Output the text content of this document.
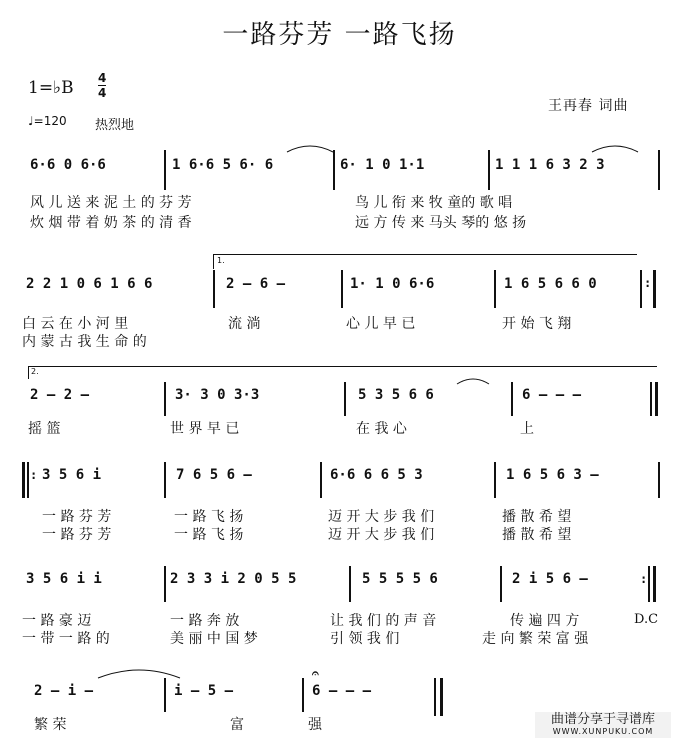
一路芬芳 一路飞扬
1=♭B 4
4
♩=120 热烈地
王再春 词曲
6·6 0 6·6	1 6·6 5 6· 6	6· 1 0 1·1	1 1 1 6 3 2 3
风 儿 送 来 泥 土 的 芬 芳	鸟 儿 衔 来 牧 童的 歌 唱
炊 烟 带 着 奶 茶 的 清 香	远 方 传 来 马头 琴的 悠 扬
1.
:
2 2 1 0 6 1 6 6	2 – 6 –	1· 1 0 6·6	1 6 5 6 6 0
白 云 在 小 河 里	流 淌	心 儿 早 已	开 始 飞 翔
内 蒙 古 我 生 命 的
2.
2 – 2 –	3· 3 0 3·3	5 3 5 6 6	6 – – –
摇 篮	世 界 早 已	在 我 心	上
: 3 5 6 i	7 6 5 6 –	6·6 6 6 5 3	1 6 5 6 3 –
一 路 芬 芳	一 路 飞 扬	迈 开 大 步 我 们	播 散 希 望
一 路 芬 芳	一 路 飞 扬	迈 开 大 步 我 们	播 散 希 望
:
3 5 6 i i	2 3 3 i 2 0 5 5	5 5 5 5 6	2 i 5 6 –
一 路 豪 迈	一 路 奔 放	让 我 们 的 声 音	传 遍 四 方	D.C
一 带 一 路 的	美 丽 中 国 梦	引 领 我 们	走 向 繁 荣 富 强
𝄐
2 – i –	i – 5 –	6 – – –
繁 荣	富	强	曲谱分享于寻谱库
WWW.XUNPUKU.COM
